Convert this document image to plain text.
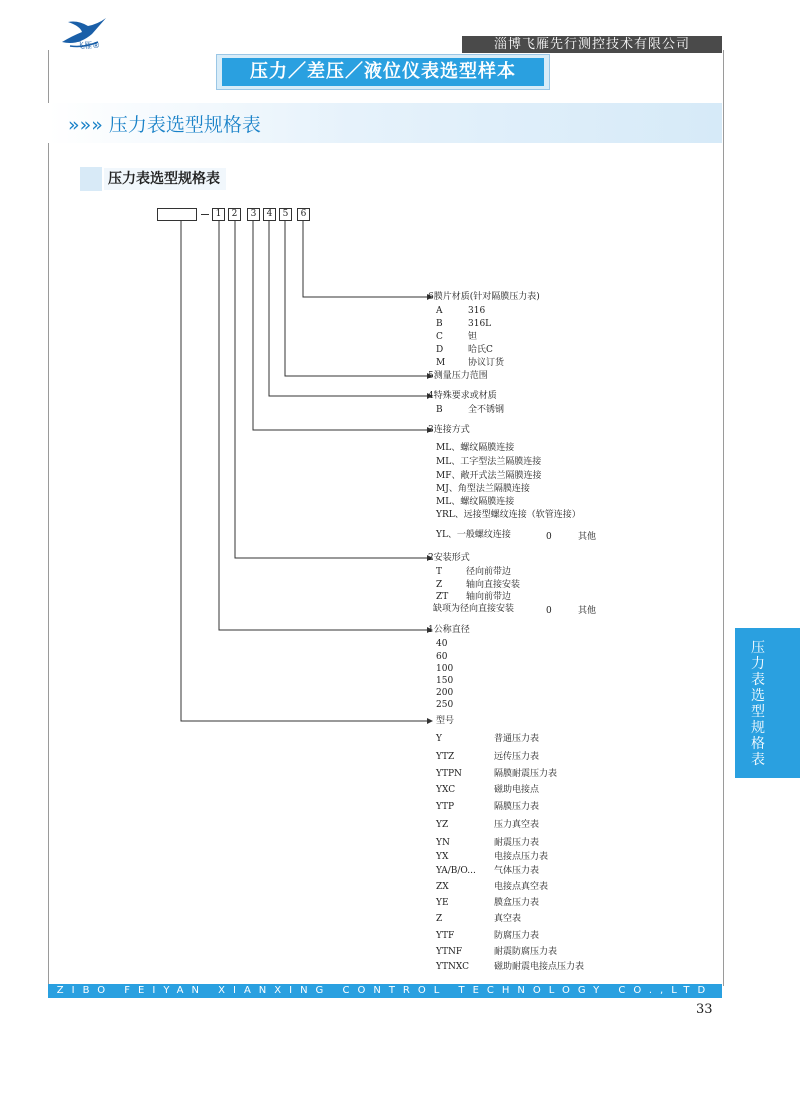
飞雁®	淄博飞雁先行测控技术有限公司
压力／差压／液位仪表选型样本
»»» 压力表选型规格表
压力表选型规格表
1	2	3	4	5	6
6膜片材质(针对隔膜压力表)
A	316
B	316L
C	钽
D	哈氏C
M	协议订货
5测量压力范围
4特殊要求或材质
B	全不锈钢
3连接方式
ML、螺纹隔膜连接
ML、工字型法兰隔膜连接
MF、敞开式法兰隔膜连接
MJ、角型法兰隔膜连接
ML、螺纹隔膜连接
YRL、远接型螺纹连接（软管连接）
YL、一般螺纹连接	0	其他
2安装形式
T	径向前带边
Z	轴向直接安装
ZT 轴向前带边
缺项为径向直接安装	0	其他
1公称直径
40
60
100
150
200
250
型号
Y	普通压力表
YTZ	远传压力表
YTPN	隔膜耐震压力表
YXC	磁助电接点
YTP	隔膜压力表
YZ	压力真空表
YN	耐震压力表
YX	电接点压力表
YA/B/O... 气体压力表
ZX	电接点真空表
YE	膜盒压力表
Z	真空表
YTF	防腐压力表
YTNF	耐震防腐压力表
YTNXC	磁助耐震电接点压力表
压力表选型规格表
ZIBO FEIYAN XIANXING CONTROL TECHNOLOGY CO.,LTD
33
